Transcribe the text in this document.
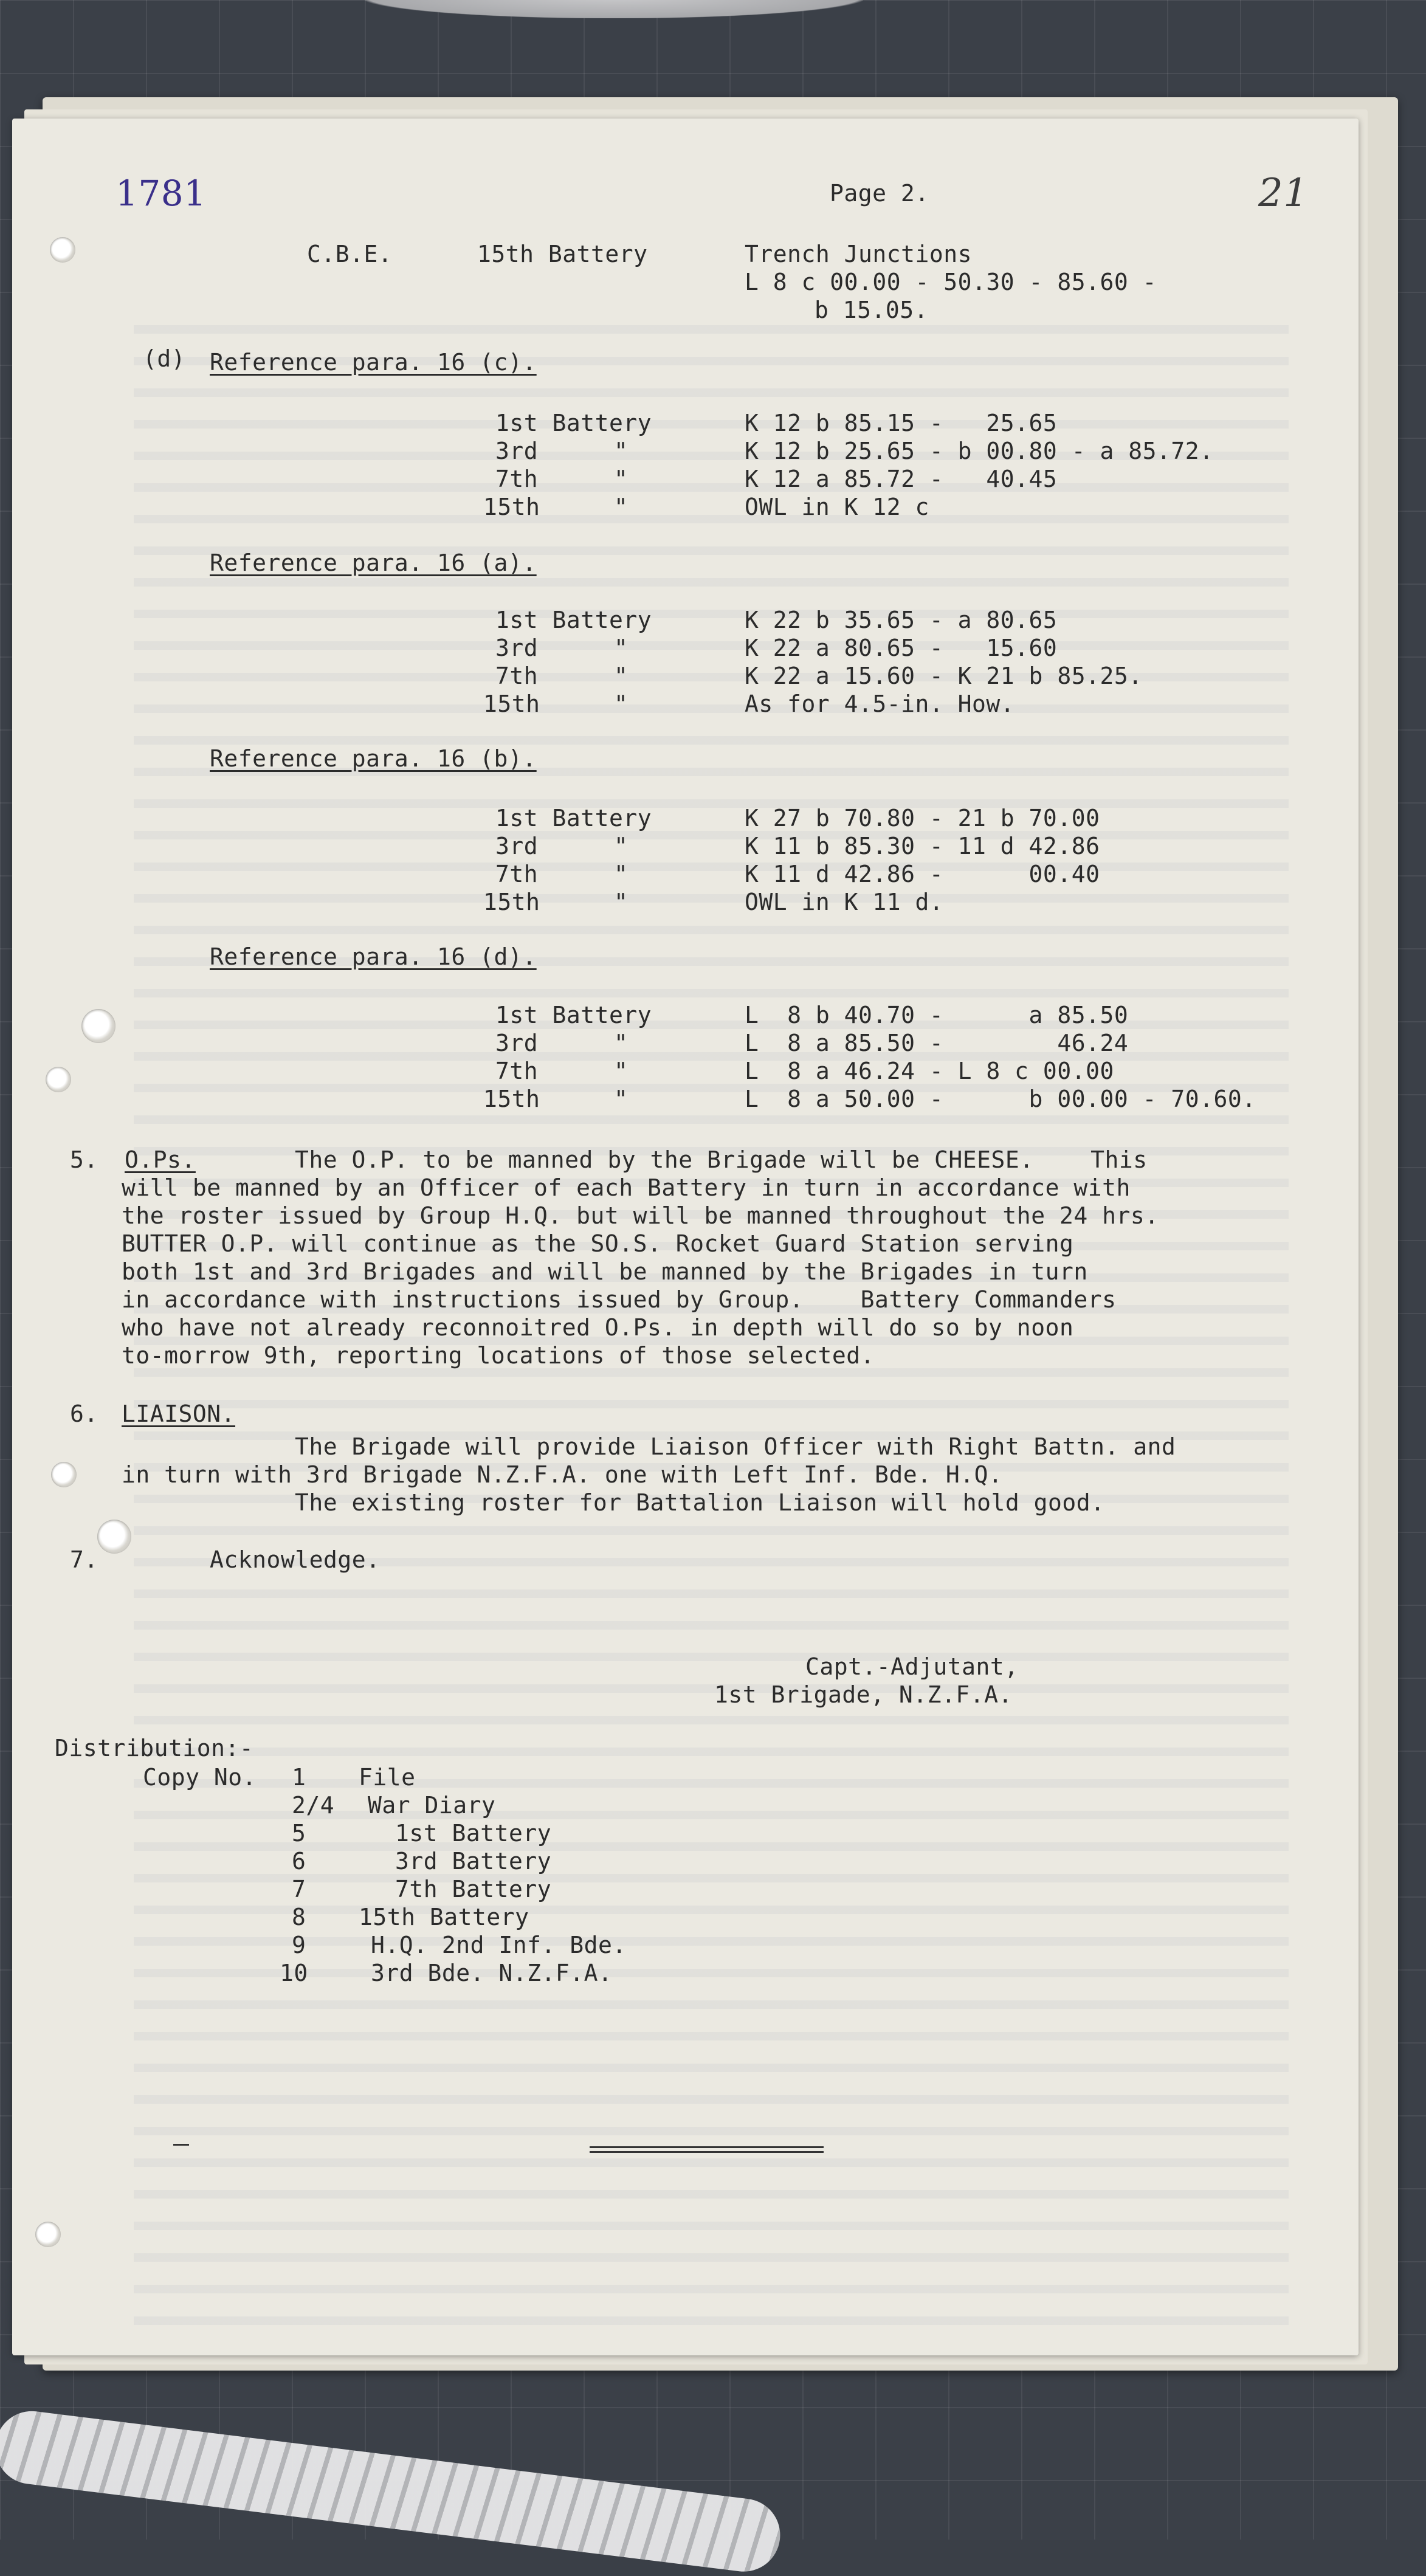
1781	Page 2.	21
C.B.E.	15th Battery	Trench Junctions
L 8 c 00.00 - 50.30 - 85.60 -
b 15.05.
(d) Reference para. 16 (c).
1st Battery	K 12 b 85.15 -   25.65
3rd	"	K 12 b 25.65 - b 00.80 - a 85.72.
7th	"	K 12 a 85.72 -   40.45
15th	"	OWL in K 12 c
Reference para. 16 (a).
1st Battery	K 22 b 35.65 - a 80.65
3rd	"	K 22 a 80.65 -   15.60
7th	"	K 22 a 15.60 - K 21 b 85.25.
15th	"	As for 4.5-in. How.
Reference para. 16 (b).
1st Battery	K 27 b 70.80 - 21 b 70.00
3rd	"	K 11 b 85.30 - 11 d 42.86
7th	"	K 11 d 42.86 -      00.40
15th	"	OWL in K 11 d.
Reference para. 16 (d).
1st Battery	L  8 b 40.70 -      a 85.50
3rd	"	L  8 a 85.50 -        46.24
7th	"	L  8 a 46.24 - L 8 c 00.00
15th	"	L  8 a 50.00 -      b 00.00 - 70.60.
5. O.Ps.	The O.P. to be manned by the Brigade will be CHEESE.    This
will be manned by an Officer of each Battery in turn in accordance with
the roster issued by Group H.Q. but will be manned throughout the 24 hrs.
BUTTER O.P. will continue as the SO.S. Rocket Guard Station serving
both 1st and 3rd Brigades and will be manned by the Brigades in turn
in accordance with instructions issued by Group.    Battery Commanders
who have not already reconnoitred O.Ps. in depth will do so by noon
to-morrow 9th, reporting locations of those selected.
6. LIAISON.
The Brigade will provide Liaison Officer with Right Battn. and
in turn with 3rd Brigade N.Z.F.A. one with Left Inf. Bde. H.Q.
The existing roster for Battalion Liaison will hold good.
7.	Acknowledge.
Capt.-Adjutant,
1st Brigade, N.Z.F.A.
Distribution:-
Copy No. 1 File
2/4 War Diary
5	1st Battery
6	3rd Battery
7	7th Battery
8 15th Battery
9	H.Q. 2nd Inf. Bde.
10	3rd Bde. N.Z.F.A.
